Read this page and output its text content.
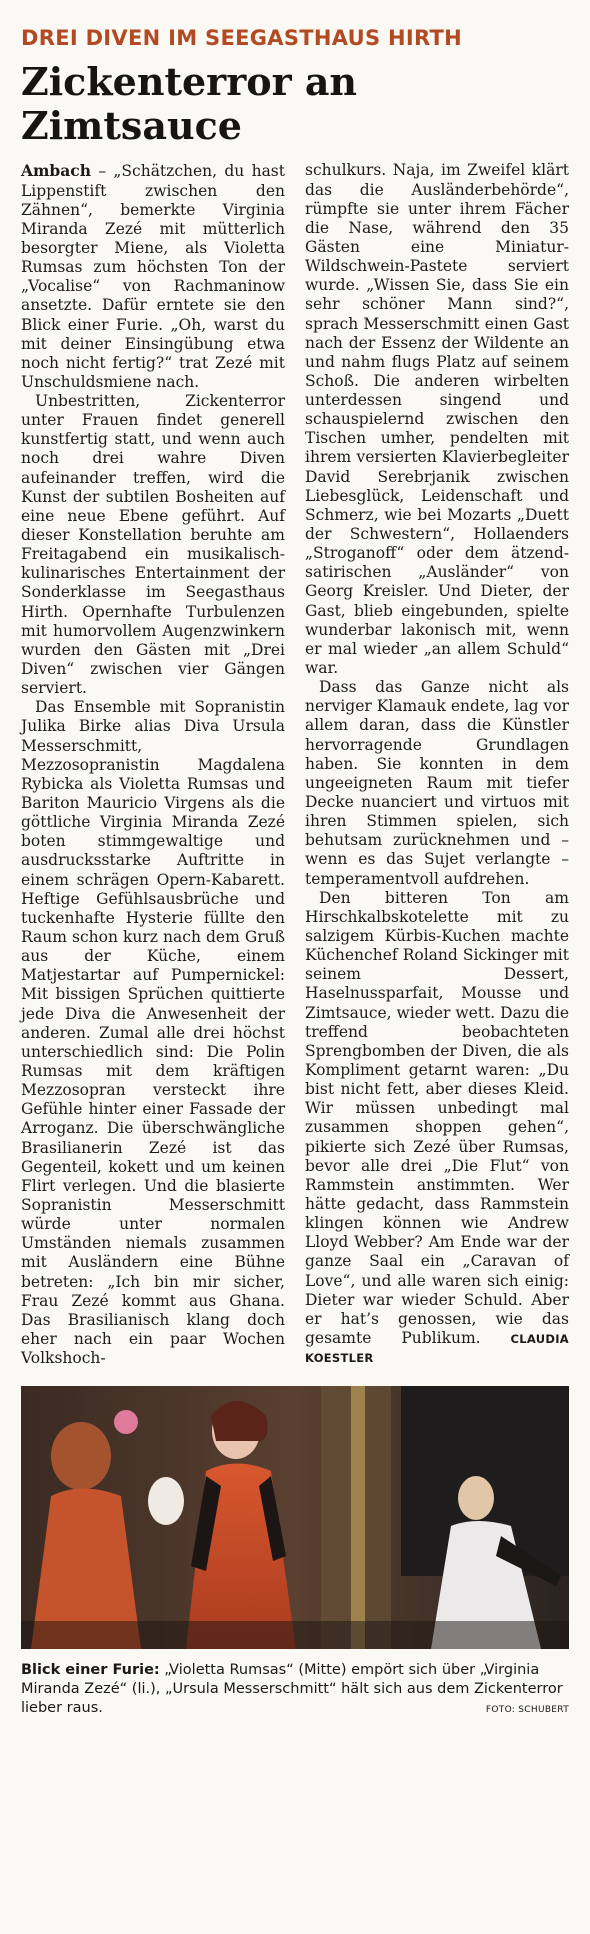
DREI DIVEN IM SEEGASTHAUS HIRTH
Zickenterror an Zimtsauce

Ambach – „Schätzchen, du hast Lippenstift zwischen den Zähnen“, bemerkte Virginia Miranda Zezé mit mütterlich besorgter Miene, als Violetta Rumsas zum höchsten Ton der „Vocalise“ von Rachmaninow ansetzte. Dafür erntete sie den Blick einer Furie. „Oh, warst du mit deiner Einsingübung etwa noch nicht fertig?“ trat Zezé mit Unschuldsmiene nach.

Unbestritten, Zickenterror unter Frauen findet generell kunstfertig statt, und wenn auch noch drei wahre Diven aufeinander treffen, wird die Kunst der subtilen Bosheiten auf eine neue Ebene geführt. Auf dieser Konstellation beruhte am Freitagabend ein musikalisch-kulinarisches Entertainment der Sonderklasse im Seegasthaus Hirth. Opernhafte Turbulenzen mit humorvollem Augenzwinkern wurden den Gästen mit „Drei Diven“ zwischen vier Gängen serviert.

Das Ensemble mit Sopranistin Julika Birke alias Diva Ursula Messerschmitt, Mezzosopranistin Magdalena Rybicka als Violetta Rumsas und Bariton Mauricio Virgens als die göttliche Virginia Miranda Zezé boten stimmgewaltige und ausdrucksstarke Auftritte in einem schrägen Opern-Kabarett. Heftige Gefühlsausbrüche und tuckenhafte Hysterie füllte den Raum schon kurz nach dem Gruß aus der Küche, einem Matjestartar auf Pumpernickel: Mit bissigen Sprüchen quittierte jede Diva die Anwesenheit der anderen. Zumal alle drei höchst unterschiedlich sind: Die Polin Rumsas mit dem kräftigen Mezzosopran versteckt ihre Gefühle hinter einer Fassade der Arroganz. Die überschwängliche Brasilianerin Zezé ist das Gegenteil, kokett und um keinen Flirt verlegen. Und die blasierte Sopranistin Messerschmitt würde unter normalen Umständen niemals zusammen mit Ausländern eine Bühne betreten: „Ich bin mir sicher, Frau Zezé kommt aus Ghana. Das Brasilianisch klang doch eher nach ein paar Wochen Volkshoch-

schulkurs. Naja, im Zweifel klärt das die Ausländerbehörde“, rümpfte sie unter ihrem Fächer die Nase, während den 35 Gästen eine Miniatur-Wildschwein-Pastete serviert wurde. „Wissen Sie, dass Sie ein sehr schöner Mann sind?“, sprach Messerschmitt einen Gast nach der Essenz der Wildente an und nahm flugs Platz auf seinem Schoß. Die anderen wirbelten unterdessen singend und schauspielernd zwischen den Tischen umher, pendelten mit ihrem versierten Klavierbegleiter David Serebrjanik zwischen Liebesglück, Leidenschaft und Schmerz, wie bei Mozarts „Duett der Schwestern“, Hollaenders „Stroganoff“ oder dem ätzend-satirischen „Ausländer“ von Georg Kreisler. Und Dieter, der Gast, blieb eingebunden, spielte wunderbar lakonisch mit, wenn er mal wieder „an allem Schuld“ war.

Dass das Ganze nicht als nerviger Klamauk endete, lag vor allem daran, dass die Künstler hervorragende Grundlagen haben. Sie konnten in dem ungeeigneten Raum mit tiefer Decke nuanciert und virtuos mit ihren Stimmen spielen, sich behutsam zurücknehmen und – wenn es das Sujet verlangte – temperamentvoll aufdrehen.

Den bitteren Ton am Hirschkalbskotelette mit zu salzigem Kürbis-Kuchen machte Küchenchef Roland Sickinger mit seinem Dessert, Haselnussparfait, Mousse und Zimtsauce, wieder wett. Dazu die treffend beobachteten Sprengbomben der Diven, die als Kompliment getarnt waren: „Du bist nicht fett, aber dieses Kleid. Wir müssen unbedingt mal zusammen shoppen gehen“, pikierte sich Zezé über Rumsas, bevor alle drei „Die Flut“ von Rammstein anstimmten. Wer hätte gedacht, dass Rammstein klingen können wie Andrew Lloyd Webber? Am Ende war der ganze Saal ein „Caravan of Love“, und alle waren sich einig: Dieter war wieder Schuld. Aber er hat’s genossen, wie das gesamte Publikum.	CLAUDIA KOESTLER

Blick einer Furie: „Violetta Rumsas“ (Mitte) empört sich über „Virginia Miranda Zezé“ (li.), „Ursula Messerschmitt“ hält sich aus dem Zickenterror lieber raus.	FOTO: SCHUBERT
